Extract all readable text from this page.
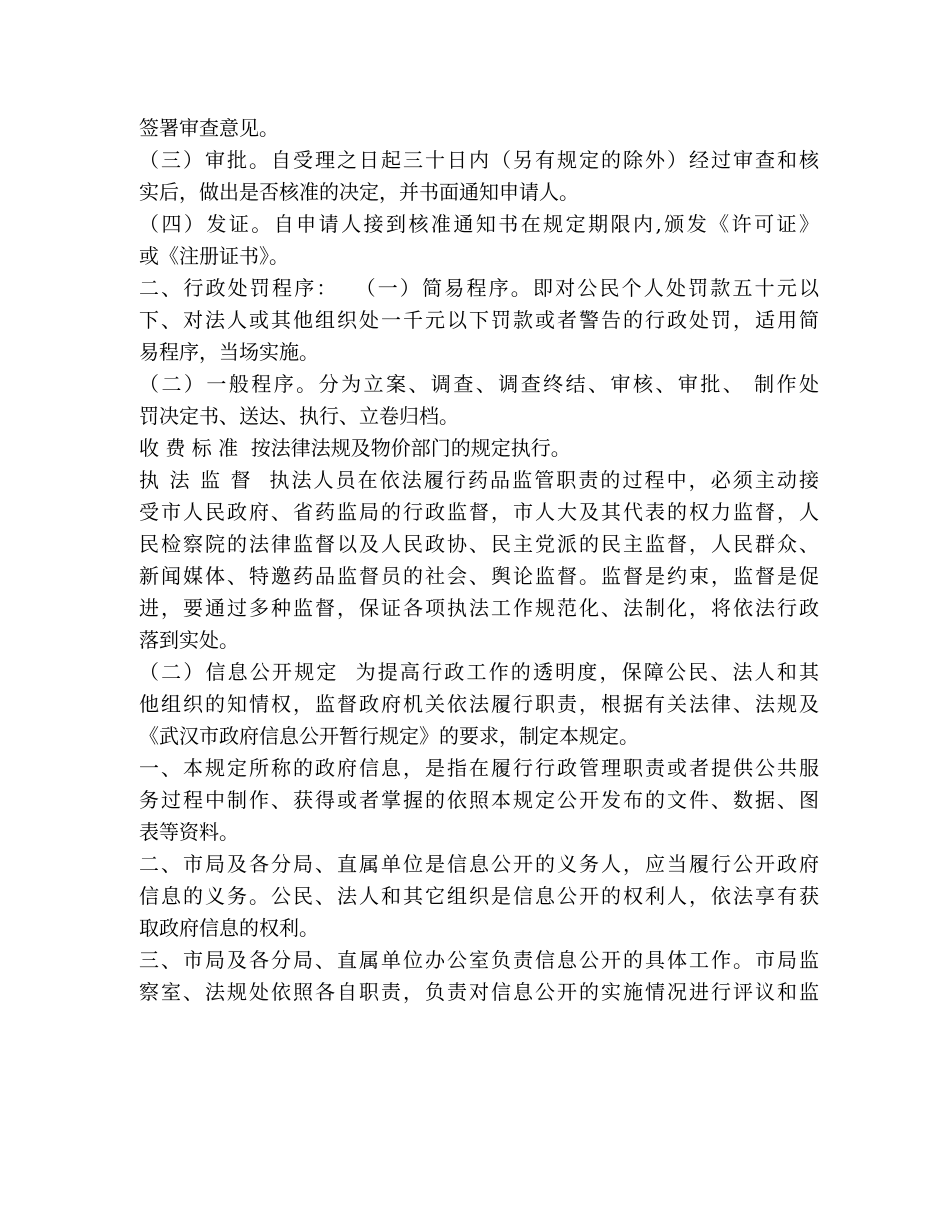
签署审查意见。
（三）审批。自受理之日起三十日内（另有规定的除外）经过审查和核
实后，做出是否核准的决定，并书面通知申请人。
（四）发证。自申请人接到核准通知书在规定期限内,颁发《许可证》
或《注册证书》。
二、行政处罚程序：  （一）简易程序。即对公民个人处罚款五十元以
下、对法人或其他组织处一千元以下罚款或者警告的行政处罚，适用简
易程序，当场实施。
（二）一般程序。分为立案、调查、调查终结、审核、审批、 制作处
罚决定书、送达、执行、立卷归档。
收 费 标 准  按法律法规及物价部门的规定执行。
执 法 监 督  执法人员在依法履行药品监管职责的过程中，必须主动接
受市人民政府、省药监局的行政监督，市人大及其代表的权力监督，人
民检察院的法律监督以及人民政协、民主党派的民主监督，人民群众、
新闻媒体、特邀药品监督员的社会、舆论监督。监督是约束，监督是促
进，要通过多种监督，保证各项执法工作规范化、法制化，将依法行政
落到实处。
（二）信息公开规定  为提高行政工作的透明度，保障公民、法人和其
他组织的知情权，监督政府机关依法履行职责，根据有关法律、法规及
《武汉市政府信息公开暂行规定》的要求，制定本规定。
一、本规定所称的政府信息，是指在履行行政管理职责或者提供公共服
务过程中制作、获得或者掌握的依照本规定公开发布的文件、数据、图
表等资料。
二、市局及各分局、直属单位是信息公开的义务人，应当履行公开政府
信息的义务。公民、法人和其它组织是信息公开的权利人，依法享有获
取政府信息的权利。
三、市局及各分局、直属单位办公室负责信息公开的具体工作。市局监
察室、法规处依照各自职责，负责对信息公开的实施情况进行评议和监
